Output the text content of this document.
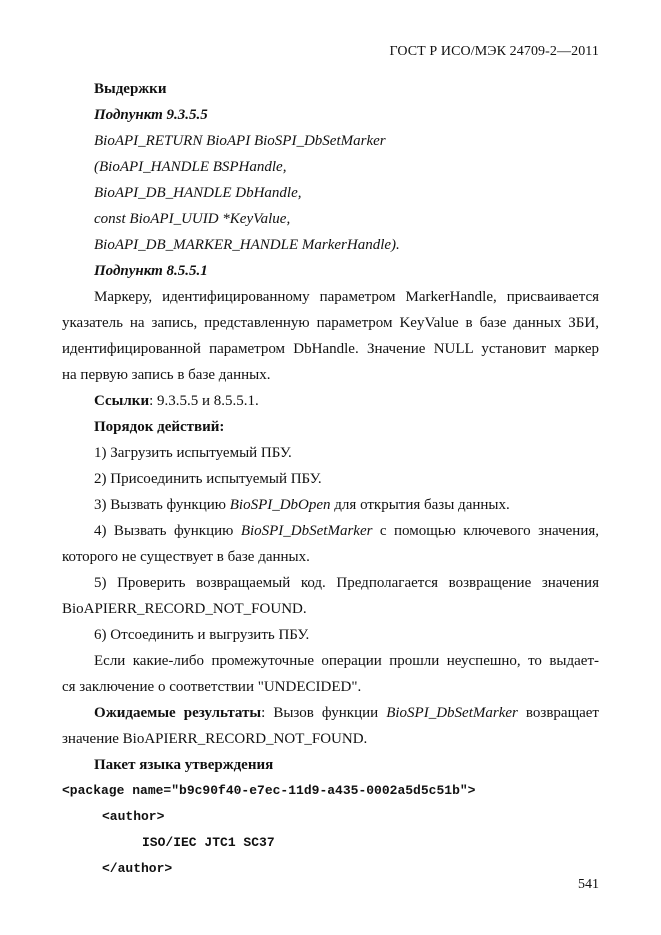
ГОСТ Р ИСО/МЭК 24709-2—2011
Выдержки
Подпункт 9.3.5.5
BioAPI_RETURN BioAPI BioSPI_DbSetMarker
(BioAPI_HANDLE BSPHandle,
BioAPI_DB_HANDLE DbHandle,
const BioAPI_UUID *KeyValue,
BioAPI_DB_MARKER_HANDLE MarkerHandle).
Подпункт 8.5.5.1
Маркеру, идентифицированному параметром MarkerHandle, присваивается
указатель на запись, представленную параметром KeyValue в базе данных ЗБИ,
идентифицированной параметром DbHandle. Значение NULL установит маркер
на первую запись в базе данных.
Ссылки: 9.3.5.5 и 8.5.5.1.
Порядок действий:
1) Загрузить испытуемый ПБУ.
2) Присоединить испытуемый ПБУ.
3) Вызвать функцию BioSPI_DbOpen для открытия базы данных.
4) Вызвать функцию BioSPI_DbSetMarker с помощью ключевого значения,
которого не существует в базе данных.
5) Проверить возвращаемый код. Предполагается возвращение значения
BioAPIERR_RECORD_NOT_FOUND.
6) Отсоединить и выгрузить ПБУ.
Если какие-либо промежуточные операции прошли неуспешно, то выдает-
ся заключение о соответствии "UNDECIDED".
Ожидаемые результаты: Вызов функции BioSPI_DbSetMarker возвращает
значение BioAPIERR_RECORD_NOT_FOUND.
Пакет языка утверждения
<package name="b9c90f40-e7ec-11d9-a435-0002a5d5c51b">
<author>
ISO/IEC JTC1 SC37
</author>
541
